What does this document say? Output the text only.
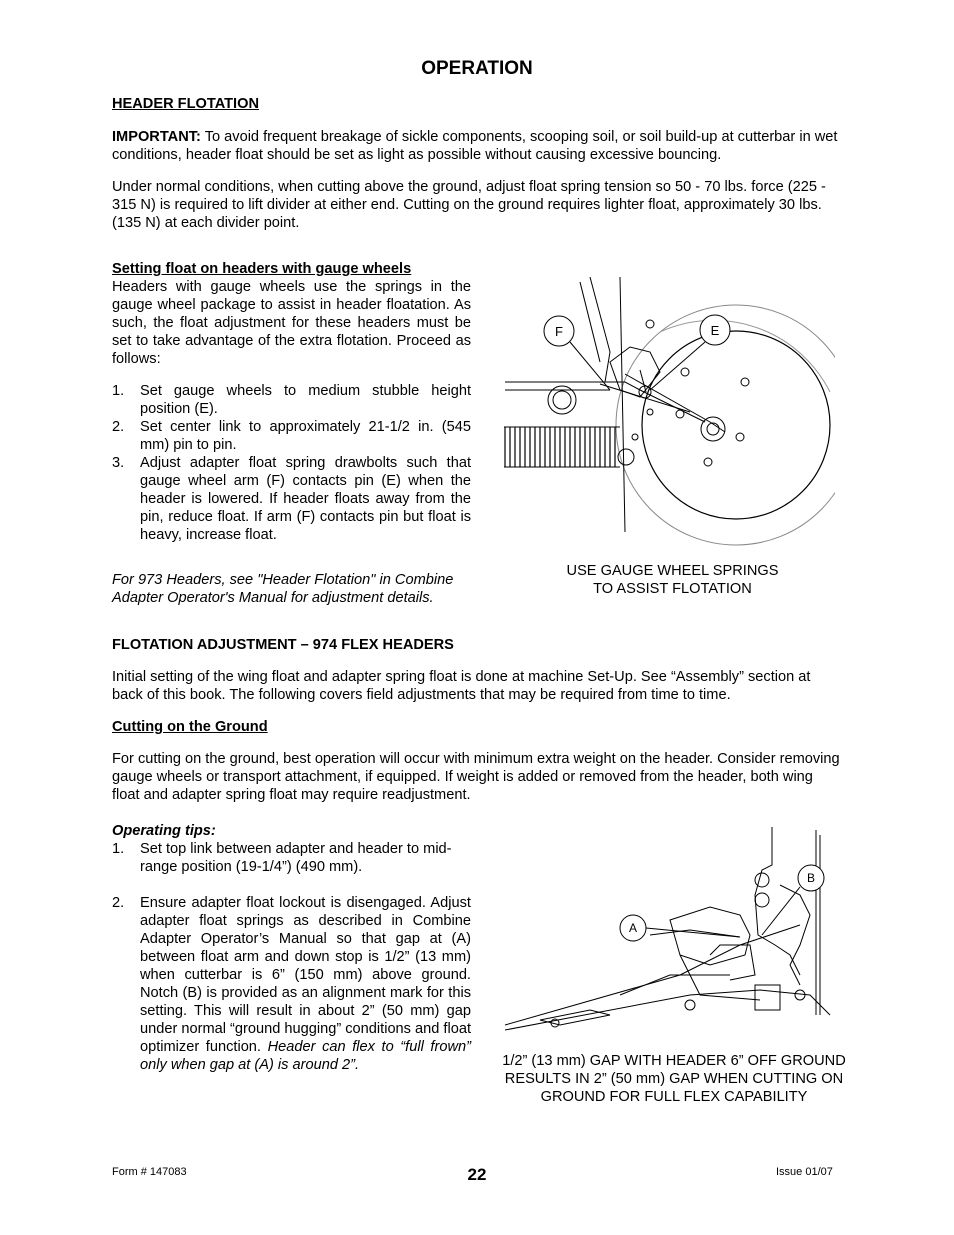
OPERATION
HEADER FLOTATION
IMPORTANT: To avoid frequent breakage of sickle components, scooping soil, or soil build-up at cutterbar in wet conditions, header float should be set as light as possible without causing excessive bouncing.
Under normal conditions, when cutting above the ground, adjust float spring tension so 50 - 70 lbs. force (225 - 315 N) is required to lift divider at either end. Cutting on the ground requires lighter float, approximately 30 lbs. (135 N) at each divider point.
Setting float on headers with gauge wheels
Headers with gauge wheels use the springs in the gauge wheel package to assist in header floatation. As such, the float adjustment for these headers must be set to take advantage of the extra flotation. Proceed as follows:
1. Set gauge wheels to medium stubble height position (E).
2. Set center link to approximately 21-1/2 in. (545 mm) pin to pin.
3. Adjust adapter float spring drawbolts such that gauge wheel arm (F) contacts pin (E) when the header is lowered. If header floats away from the pin, reduce float. If arm (F) contacts pin but float is heavy, increase float.
For 973 Headers, see "Header Flotation" in Combine Adapter Operator's Manual for adjustment details.
F	E
USE GAUGE WHEEL SPRINGS
TO ASSIST FLOTATION
FLOTATION ADJUSTMENT – 974 FLEX HEADERS
Initial setting of the wing float and adapter spring float is done at machine Set-Up. See “Assembly” section at back of this book. The following covers field adjustments that may be required from time to time.
Cutting on the Ground
For cutting on the ground, best operation will occur with minimum extra weight on the header. Consider removing gauge wheels or transport attachment, if equipped. If weight is added or removed from the header, both wing float and adapter spring float may require readjustment.
Operating tips:
1. Set top link between adapter and header to mid-range position (19-1/4”) (490 mm).
2. Ensure adapter float lockout is disengaged. Adjust adapter float springs as described in Combine Adapter Operator’s Manual so that gap at (A) between float arm and down stop is 1/2” (13 mm) when cutterbar is 6” (150 mm) above ground. Notch (B) is provided as an alignment mark for this setting. This will result in about 2” (50 mm) gap under normal “ground hugging” conditions and float optimizer function. Header can flex to “full frown” only when gap at (A) is around 2”.
A
B
1/2” (13 mm) GAP WITH HEADER 6” OFF GROUND RESULTS IN 2” (50 mm) GAP WHEN CUTTING ON GROUND FOR FULL FLEX CAPABILITY
Form # 147083	22	Issue 01/07
